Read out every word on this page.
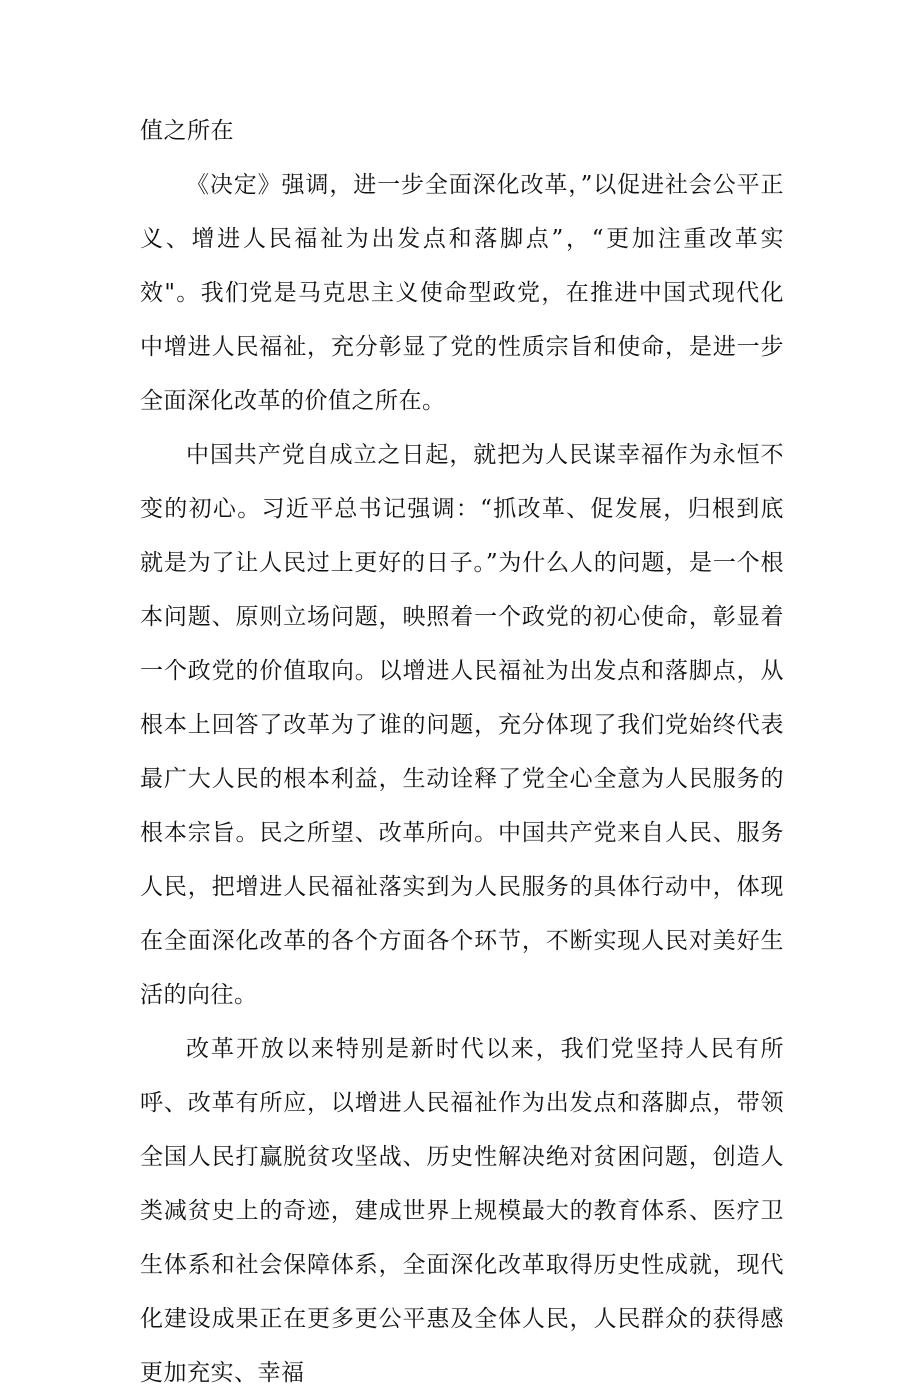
值之所在

《决定》强调，进一步全面深化改革，”以促进社会公平正义、增进人民福祉为出发点和落脚点”，“更加注重改革实效"。我们党是马克思主义使命型政党，在推进中国式现代化中增进人民福祉，充分彰显了党的性质宗旨和使命，是进一步全面深化改革的价值之所在。

中国共产党自成立之日起，就把为人民谋幸福作为永恒不变的初心。习近平总书记强调：“抓改革、促发展，归根到底就是为了让人民过上更好的日子。”为什么人的问题，是一个根本问题、原则立场问题，映照着一个政党的初心使命，彰显着一个政党的价值取向。以增进人民福祉为出发点和落脚点，从根本上回答了改革为了谁的问题，充分体现了我们党始终代表最广大人民的根本利益，生动诠释了党全心全意为人民服务的根本宗旨。民之所望、改革所向。中国共产党来自人民、服务人民，把增进人民福祉落实到为人民服务的具体行动中，体现在全面深化改革的各个方面各个环节，不断实现人民对美好生活的向往。

改革开放以来特别是新时代以来，我们党坚持人民有所呼、改革有所应，以增进人民福祉作为出发点和落脚点，带领全国人民打赢脱贫攻坚战、历史性解决绝对贫困问题，创造人类减贫史上的奇迹，建成世界上规模最大的教育体系、医疗卫生体系和社会保障体系，全面深化改革取得历史性成就，现代化建设成果正在更多更公平惠及全体人民，人民群众的获得感更加充实、幸福
